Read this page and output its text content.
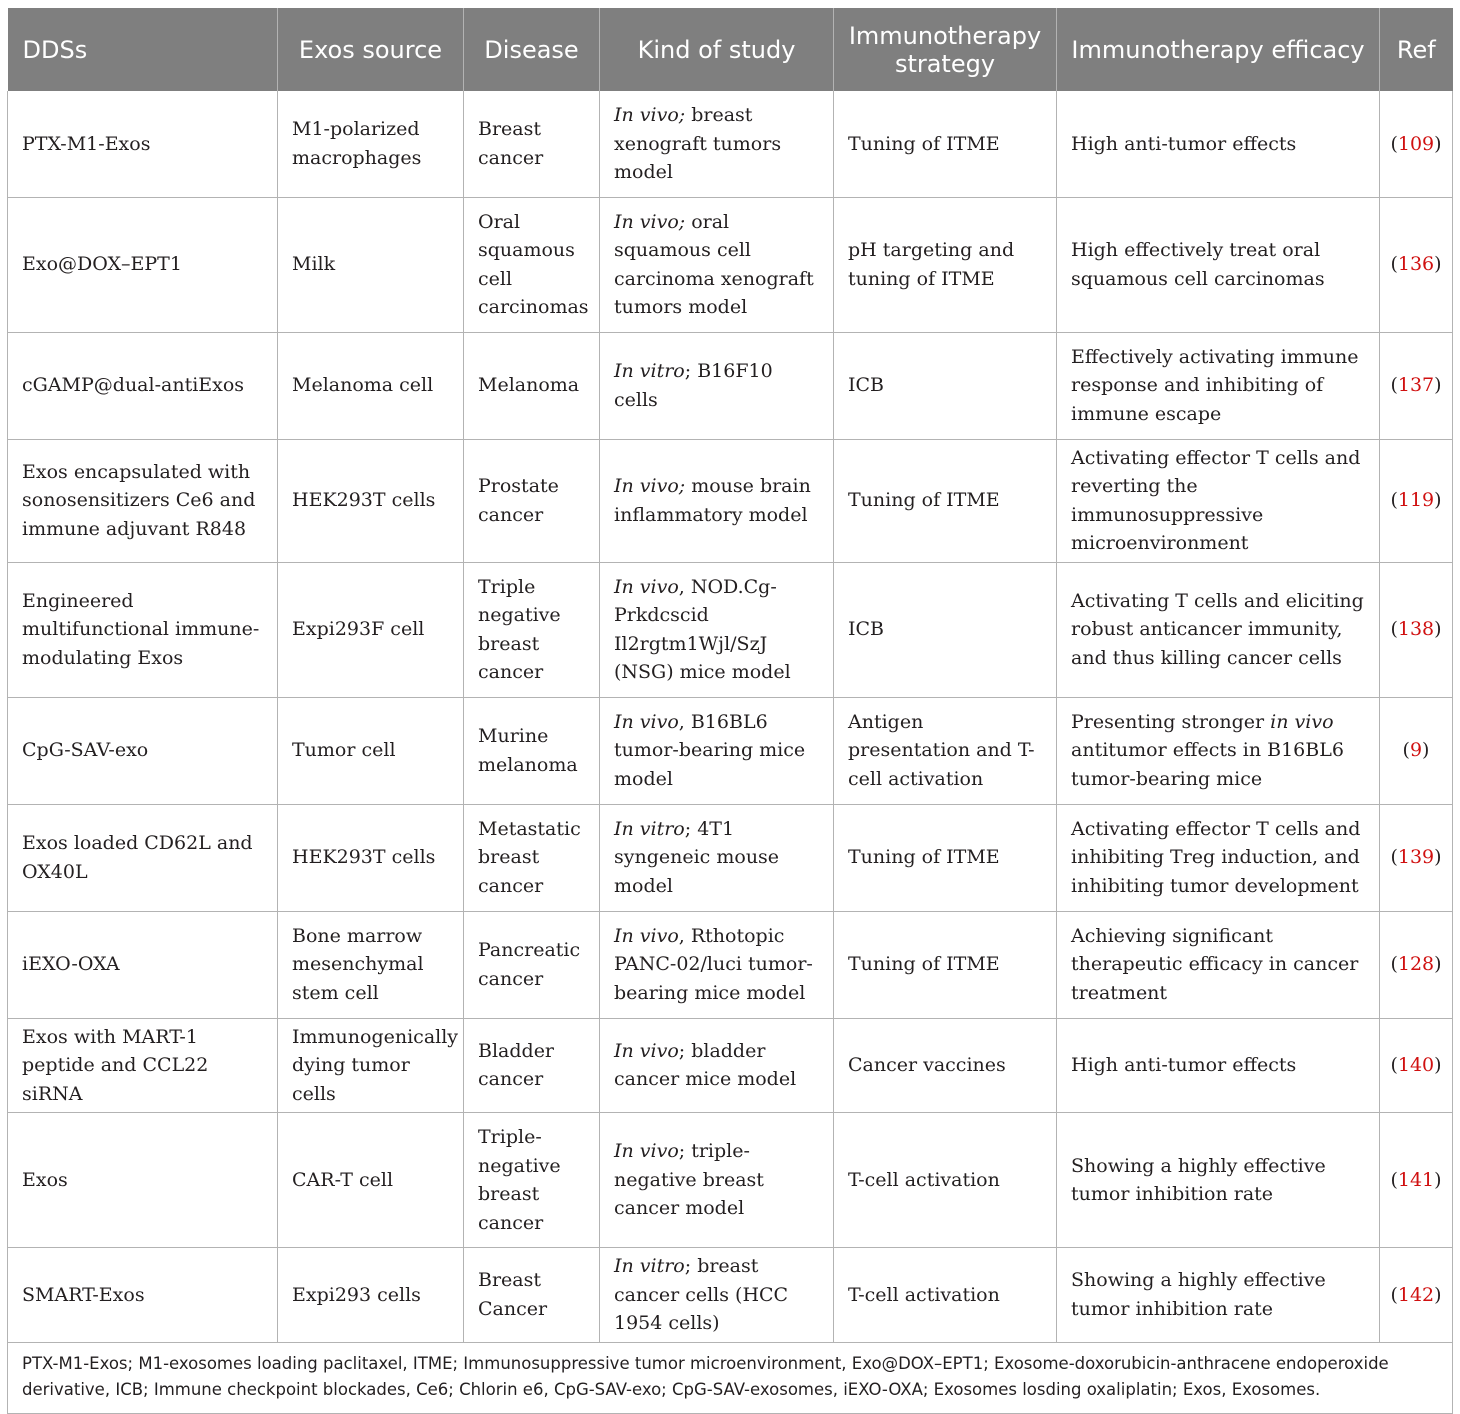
DDSs	Exos source	Disease	Kind of study	Immunotherapy strategy	Immunotherapy efficacy	Ref
PTX-M1-Exos	M1-polarized macrophages	Breast cancer	In vivo; breast xenograft tumors model	Tuning of ITME	High anti-tumor effects	(109)
Exo@DOX–EPT1	Milk	Oral squamous cell carcinomas	In vivo; oral squamous cell carcinoma xenograft tumors model	pH targeting and tuning of ITME	High effectively treat oral squamous cell carcinomas	(136)
cGAMP@dual-antiExos	Melanoma cell	Melanoma	In vitro; B16F10 cells	ICB	Effectively activating immune response and inhibiting of immune escape	(137)
Exos encapsulated with sonosensitizers Ce6 and immune adjuvant R848	HEK293T cells	Prostate cancer	In vivo; mouse brain inflammatory model	Tuning of ITME	Activating effector T cells and reverting the immunosuppressive microenvironment	(119)
Engineered multifunctional immune-modulating Exos	Expi293F cell	Triple negative breast cancer	In vivo, NOD.Cg-Prkdcscid Il2rgtm1Wjl/SzJ (NSG) mice model	ICB	Activating T cells and eliciting robust anticancer immunity, and thus killing cancer cells	(138)
CpG-SAV-exo	Tumor cell	Murine melanoma	In vivo, B16BL6 tumor-bearing mice model	Antigen presentation and T-cell activation	Presenting stronger in vivo antitumor effects in B16BL6 tumor-bearing mice	(9)
Exos loaded CD62L and OX40L	HEK293T cells	Metastatic breast cancer	In vitro; 4T1 syngeneic mouse model	Tuning of ITME	Activating effector T cells and inhibiting Treg induction, and inhibiting tumor development	(139)
iEXO-OXA	Bone marrow mesenchymal stem cell	Pancreatic cancer	In vivo, Rthotopic PANC-02/luci tumor-bearing mice model	Tuning of ITME	Achieving significant therapeutic efficacy in cancer treatment	(128)
Exos with MART-1 peptide and CCL22 siRNA	Immunogenically dying tumor cells	Bladder cancer	In vivo; bladder cancer mice model	Cancer vaccines	High anti-tumor effects	(140)
Exos	CAR-T cell	Triple-negative breast cancer	In vivo; triple-negative breast cancer model	T-cell activation	Showing a highly effective tumor inhibition rate	(141)
SMART-Exos	Expi293 cells	Breast Cancer	In vitro; breast cancer cells (HCC 1954 cells)	T-cell activation	Showing a highly effective tumor inhibition rate	(142)
PTX-M1-Exos; M1-exosomes loading paclitaxel, ITME; Immunosuppressive tumor microenvironment, Exo@DOX–EPT1; Exosome-doxorubicin-anthracene endoperoxide derivative, ICB; Immune checkpoint blockades, Ce6; Chlorin e6, CpG-SAV-exo; CpG-SAV-exosomes, iEXO-OXA; Exosomes losding oxaliplatin; Exos, Exosomes.						
